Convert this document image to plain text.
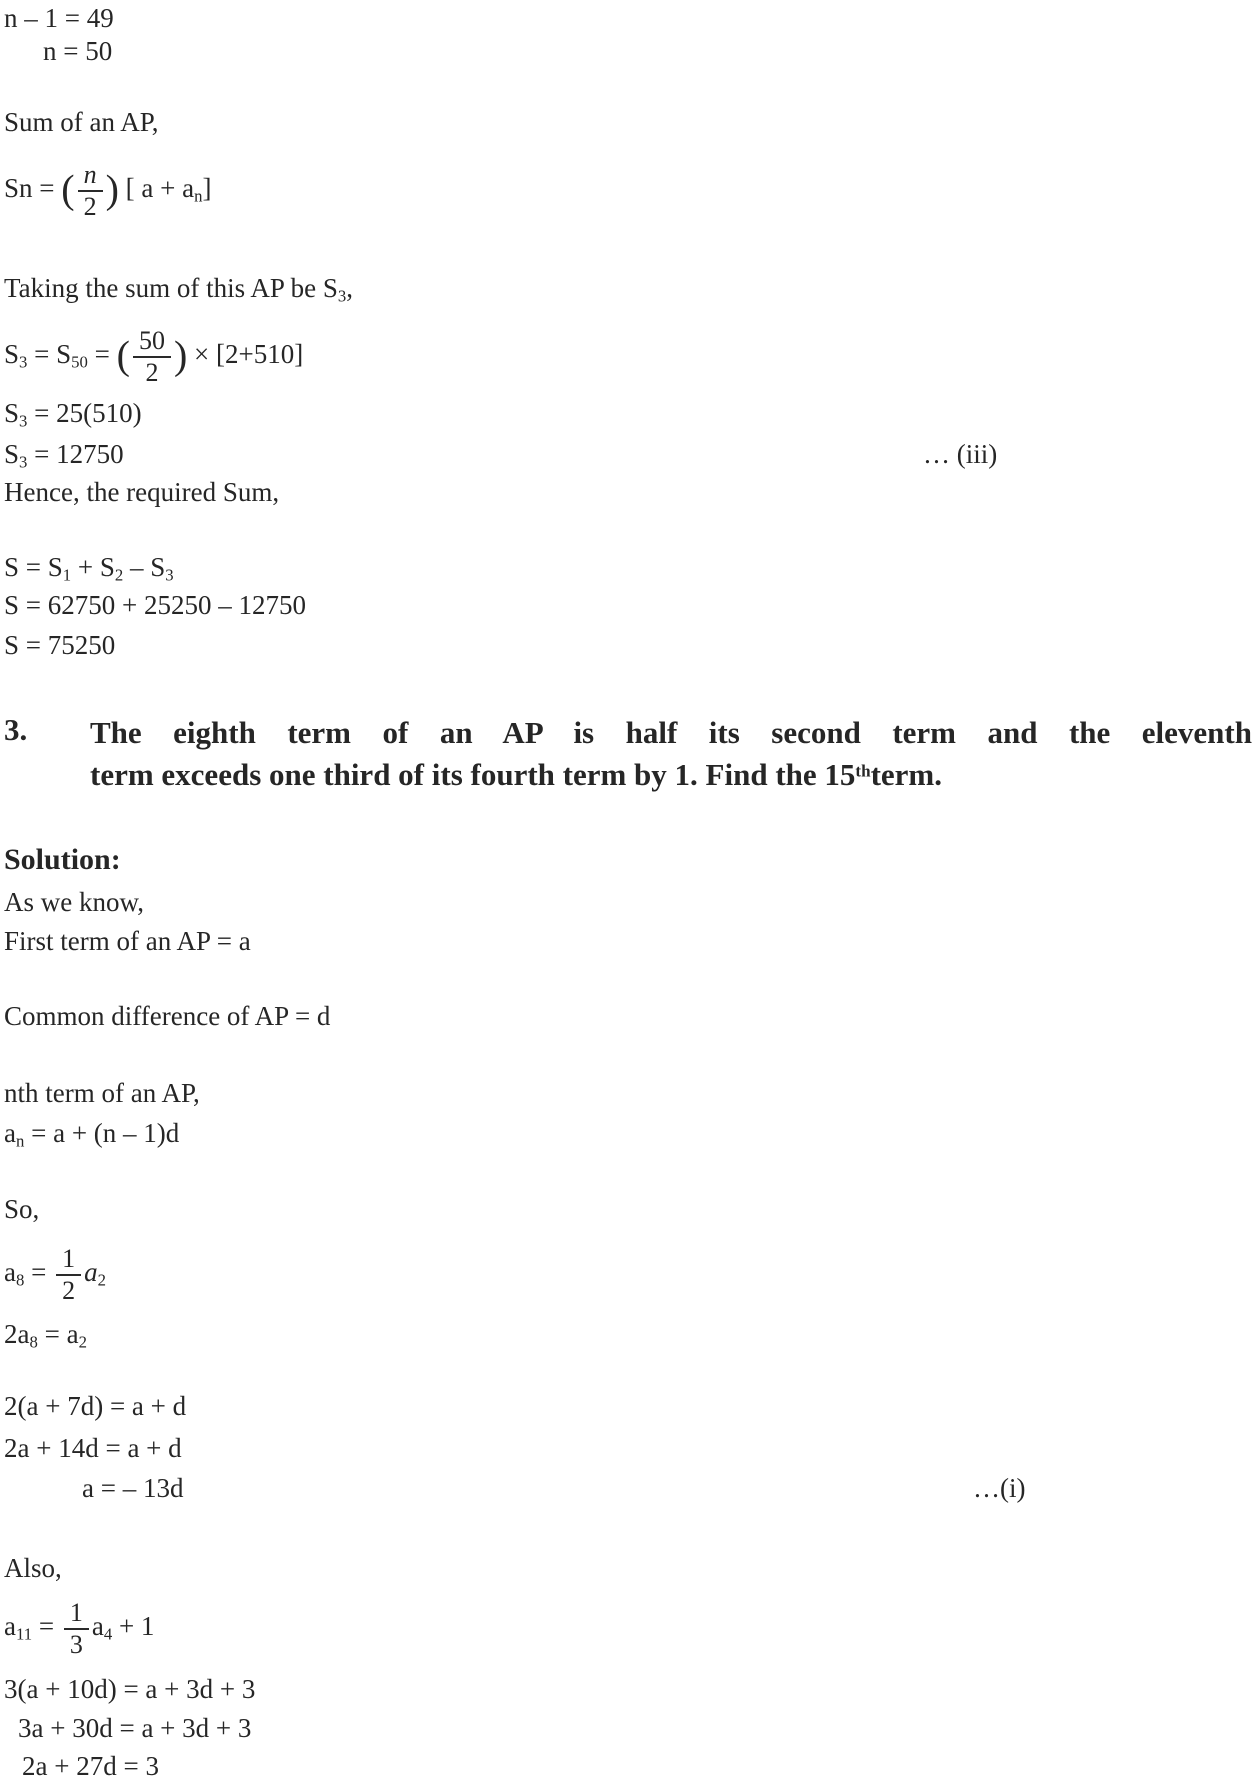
n – 1 = 49
n = 50
Sum of an AP,
Sn = ( $\frac{n}{2}$ ) [ a + an]
Taking the sum of this AP be S3,
S3 = S50 = ( $\frac{50}{2}$ ) × [2+510]
S3 = 25(510)
S3 = 12750	… (iii)
Hence, the required Sum,
S = S1 + S2 – S3
S = 62750 + 25250 – 12750
S = 75250
3.	The eighth term of an AP is half its second term and the eleventh
term exceeds one third of its fourth term by 1. Find the 15thterm.
Solution:
As we know,
First term of an AP = a
Common difference of AP = d
nth term of an AP,
an = a + (n – 1)d
So,
$a8 = \frac{1}{2} a2$
2a8 = a2
2(a + 7d) = a + d
2a + 14d = a + d
a = – 13d	…(i)
Also,
$a11 = \frac{1}{3} a4 + 1$
3(a + 10d) = a + 3d + 3
3a + 30d = a + 3d + 3
2a + 27d = 3
